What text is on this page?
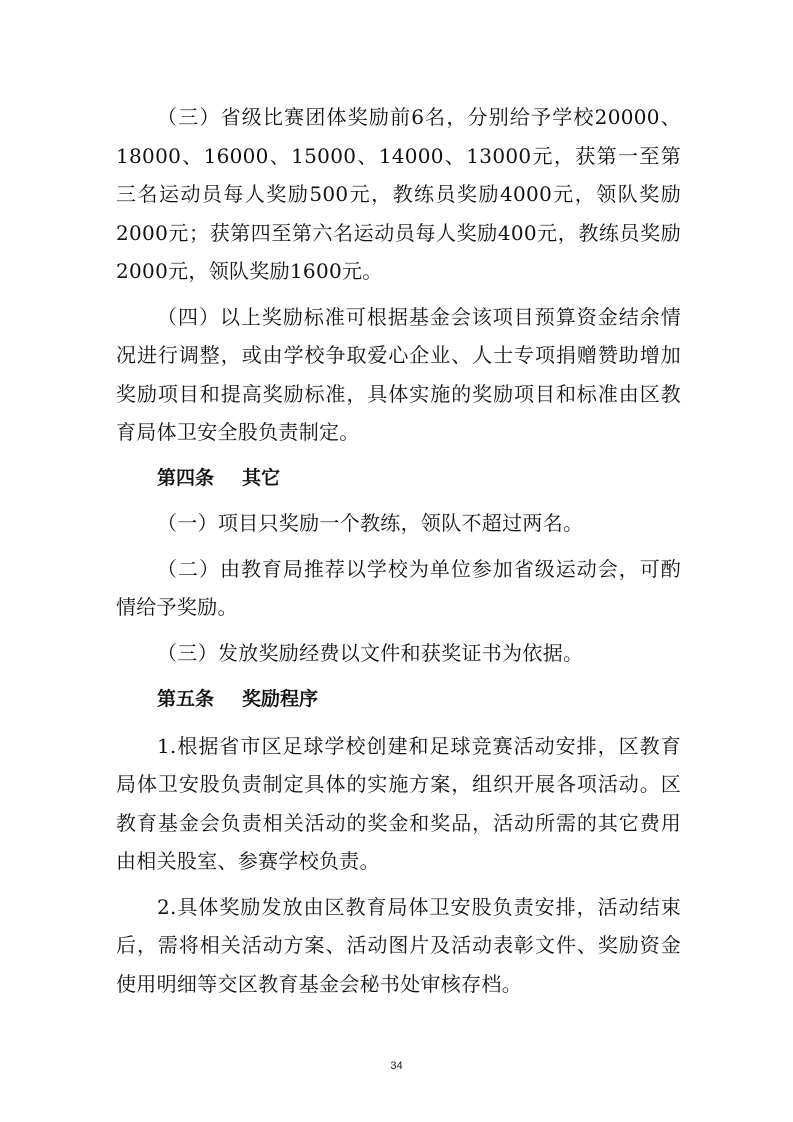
（三）省级比赛团体奖励前6名，分别给予学校20000、18000、16000、15000、14000、13000元，获第一至第三名运动员每人奖励500元，教练员奖励4000元，领队奖励2000元；获第四至第六名运动员每人奖励400元，教练员奖励2000元，领队奖励1600元。

（四）以上奖励标准可根据基金会该项目预算资金结余情况进行调整，或由学校争取爱心企业、人士专项捐赠赞助增加奖励项目和提高奖励标准，具体实施的奖励项目和标准由区教育局体卫安全股负责制定。

第四条 其它

（一）项目只奖励一个教练，领队不超过两名。

（二）由教育局推荐以学校为单位参加省级运动会，可酌情给予奖励。

（三）发放奖励经费以文件和获奖证书为依据。

第五条 奖励程序

1.根据省市区足球学校创建和足球竞赛活动安排，区教育局体卫安股负责制定具体的实施方案，组织开展各项活动。区教育基金会负责相关活动的奖金和奖品，活动所需的其它费用由相关股室、参赛学校负责。

2.具体奖励发放由区教育局体卫安股负责安排，活动结束后，需将相关活动方案、活动图片及活动表彰文件、奖励资金使用明细等交区教育基金会秘书处审核存档。

34
